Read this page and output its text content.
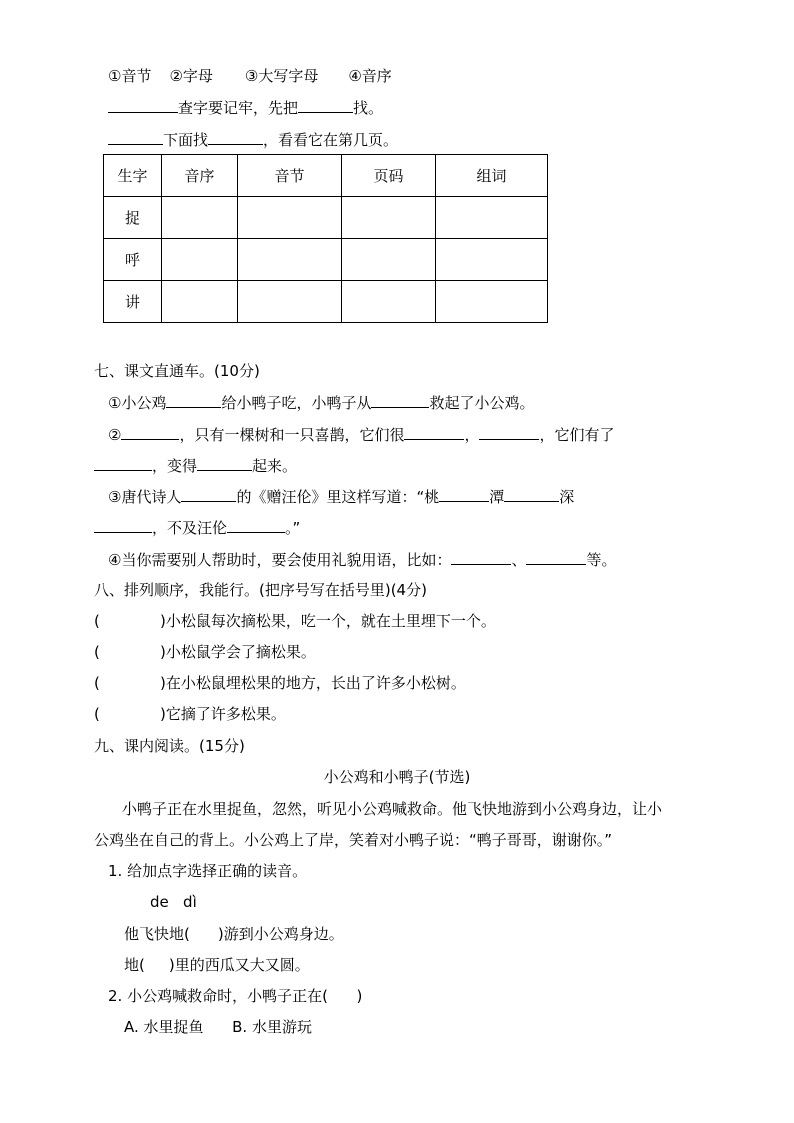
①音节 ②字母 ③大写字母 ④音序
查字要记牢，先把	找。
下面找	，看看它在第几页。
生字	音序	音节	页码	组词
捉				
呼				
讲				
七、课文直通车。(10分)
①小公鸡	给小鸭子吃，小鸭子从	救起了小公鸡。
②	，只有一棵树和一只喜鹊，它们很	，	，它们有了
，变得	起来。
③唐代诗人	的《赠汪伦》里这样写道：“桃	潭	深
，不及汪伦	。”
④当你需要别人帮助时，要会使用礼貌用语，比如：	、	等。
八、排列顺序，我能行。(把序号写在括号里)(4分)
(	)小松鼠每次摘松果，吃一个，就在土里埋下一个。
(	)小松鼠学会了摘松果。
(	)在小松鼠埋松果的地方，长出了许多小松树。
(	)它摘了许多松果。
九、课内阅读。(15分)
小公鸡和小鸭子(节选)
小鸭子正在水里捉鱼，忽然，听见小公鸡喊救命。他飞快地游到小公鸡身边，让小
公鸡坐在自己的背上。小公鸡上了岸，笑着对小鸭子说：“鸭子哥哥，谢谢你。”
1. 给加点字选择正确的读音。
de   dì
他飞快地( )游到小公鸡身边。
地( )里的西瓜又大又圆。
2. 小公鸡喊救命时，小鸭子正在(      )
A. 水里捉鱼      B. 水里游玩
